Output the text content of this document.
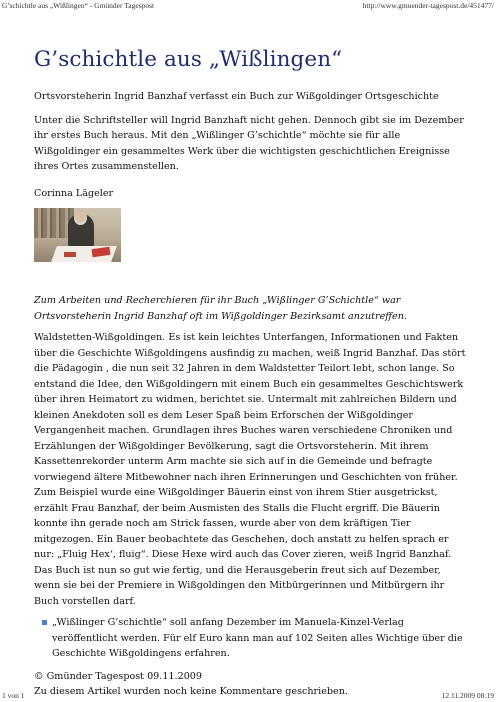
G’schichtle aus „Wißlingen“ - Gmünder Tagespost	http://www.gmuender-tagespost.de/451477/
G’schichtle aus „Wißlingen“

Ortsvorsteherin Ingrid Banzhaf verfasst ein Buch zur Wißgoldinger Ortsgeschichte

Unter die Schriftsteller will Ingrid Banzhaft nicht gehen. Dennoch gibt sie im Dezember ihr erstes Buch heraus. Mit den „Wißlinger G’schichtle“ möchte sie für alle Wißgoldinger ein gesammeltes Werk über die wichtigsten geschichtlichen Ereignisse ihres Ortes zusammenstellen.

Corinna Lägeler

Zum Arbeiten und Recherchieren für ihr Buch „Wißlinger G’Schichtle“ war Ortsvorsteherin Ingrid Banzhaf oft im Wißgoldinger Bezirksamt anzutreffen.

Waldstetten-Wißgoldingen. Es ist kein leichtes Unterfangen, Informationen und Fakten über die Geschichte Wißgoldingens ausfindig zu machen, weiß Ingrid Banzhaf. Das stört die Pädagogin , die nun seit 32 Jahren in dem Waldstetter Teilort lebt, schon lange. So entstand die Idee, den Wißgoldingern mit einem Buch ein gesammeltes Geschichtswerk über ihren Heimatort zu widmen, berichtet sie. Untermalt mit zahlreichen Bildern und kleinen Anekdoten soll es dem Leser Spaß beim Erforschen der Wißgoldinger Vergangenheit machen. Grundlagen ihres Buches waren verschiedene Chroniken und Erzählungen der Wißgoldinger Bevölkerung, sagt die Ortsvorsteherin. Mit ihrem Kassettenrekorder unterm Arm machte sie sich auf in die Gemeinde und befragte vorwiegend ältere Mitbewohner nach ihren Erinnerungen und Geschichten von früher. Zum Beispiel wurde eine Wißgoldinger Bäuerin einst von ihrem Stier ausgetrickst, erzählt Frau Banzhaf, der beim Ausmisten des Stalls die Flucht ergriff. Die Bäuerin konnte ihn gerade noch am Strick fassen, wurde aber von dem kräftigen Tier mitgezogen. Ein Bauer beobachtete das Geschehen, doch anstatt zu helfen sprach er nur: „Fluig Hex‘, fluig“. Diese Hexe wird auch das Cover zieren, weiß Ingrid Banzhaf.

Das Buch ist nun so gut wie fertig, und die Herausgeberin freut sich auf Dezember, wenn sie bei der Premiere in Wißgoldingen den Mitbürgerinnen und Mitbürgern ihr Buch vorstellen darf.

„Wißlinger G’schichtle“ soll anfang Dezember im Manuela-Kinzel-Verlag veröffentlicht werden. Für elf Euro kann man auf 102 Seiten alles Wichtige über die Geschichte Wißgoldingens erfahren.

© Gmünder Tagespost 09.11.2009

Zu diesem Artikel wurden noch keine Kommentare geschrieben.

1 von 1	12.11.2009 08:19
